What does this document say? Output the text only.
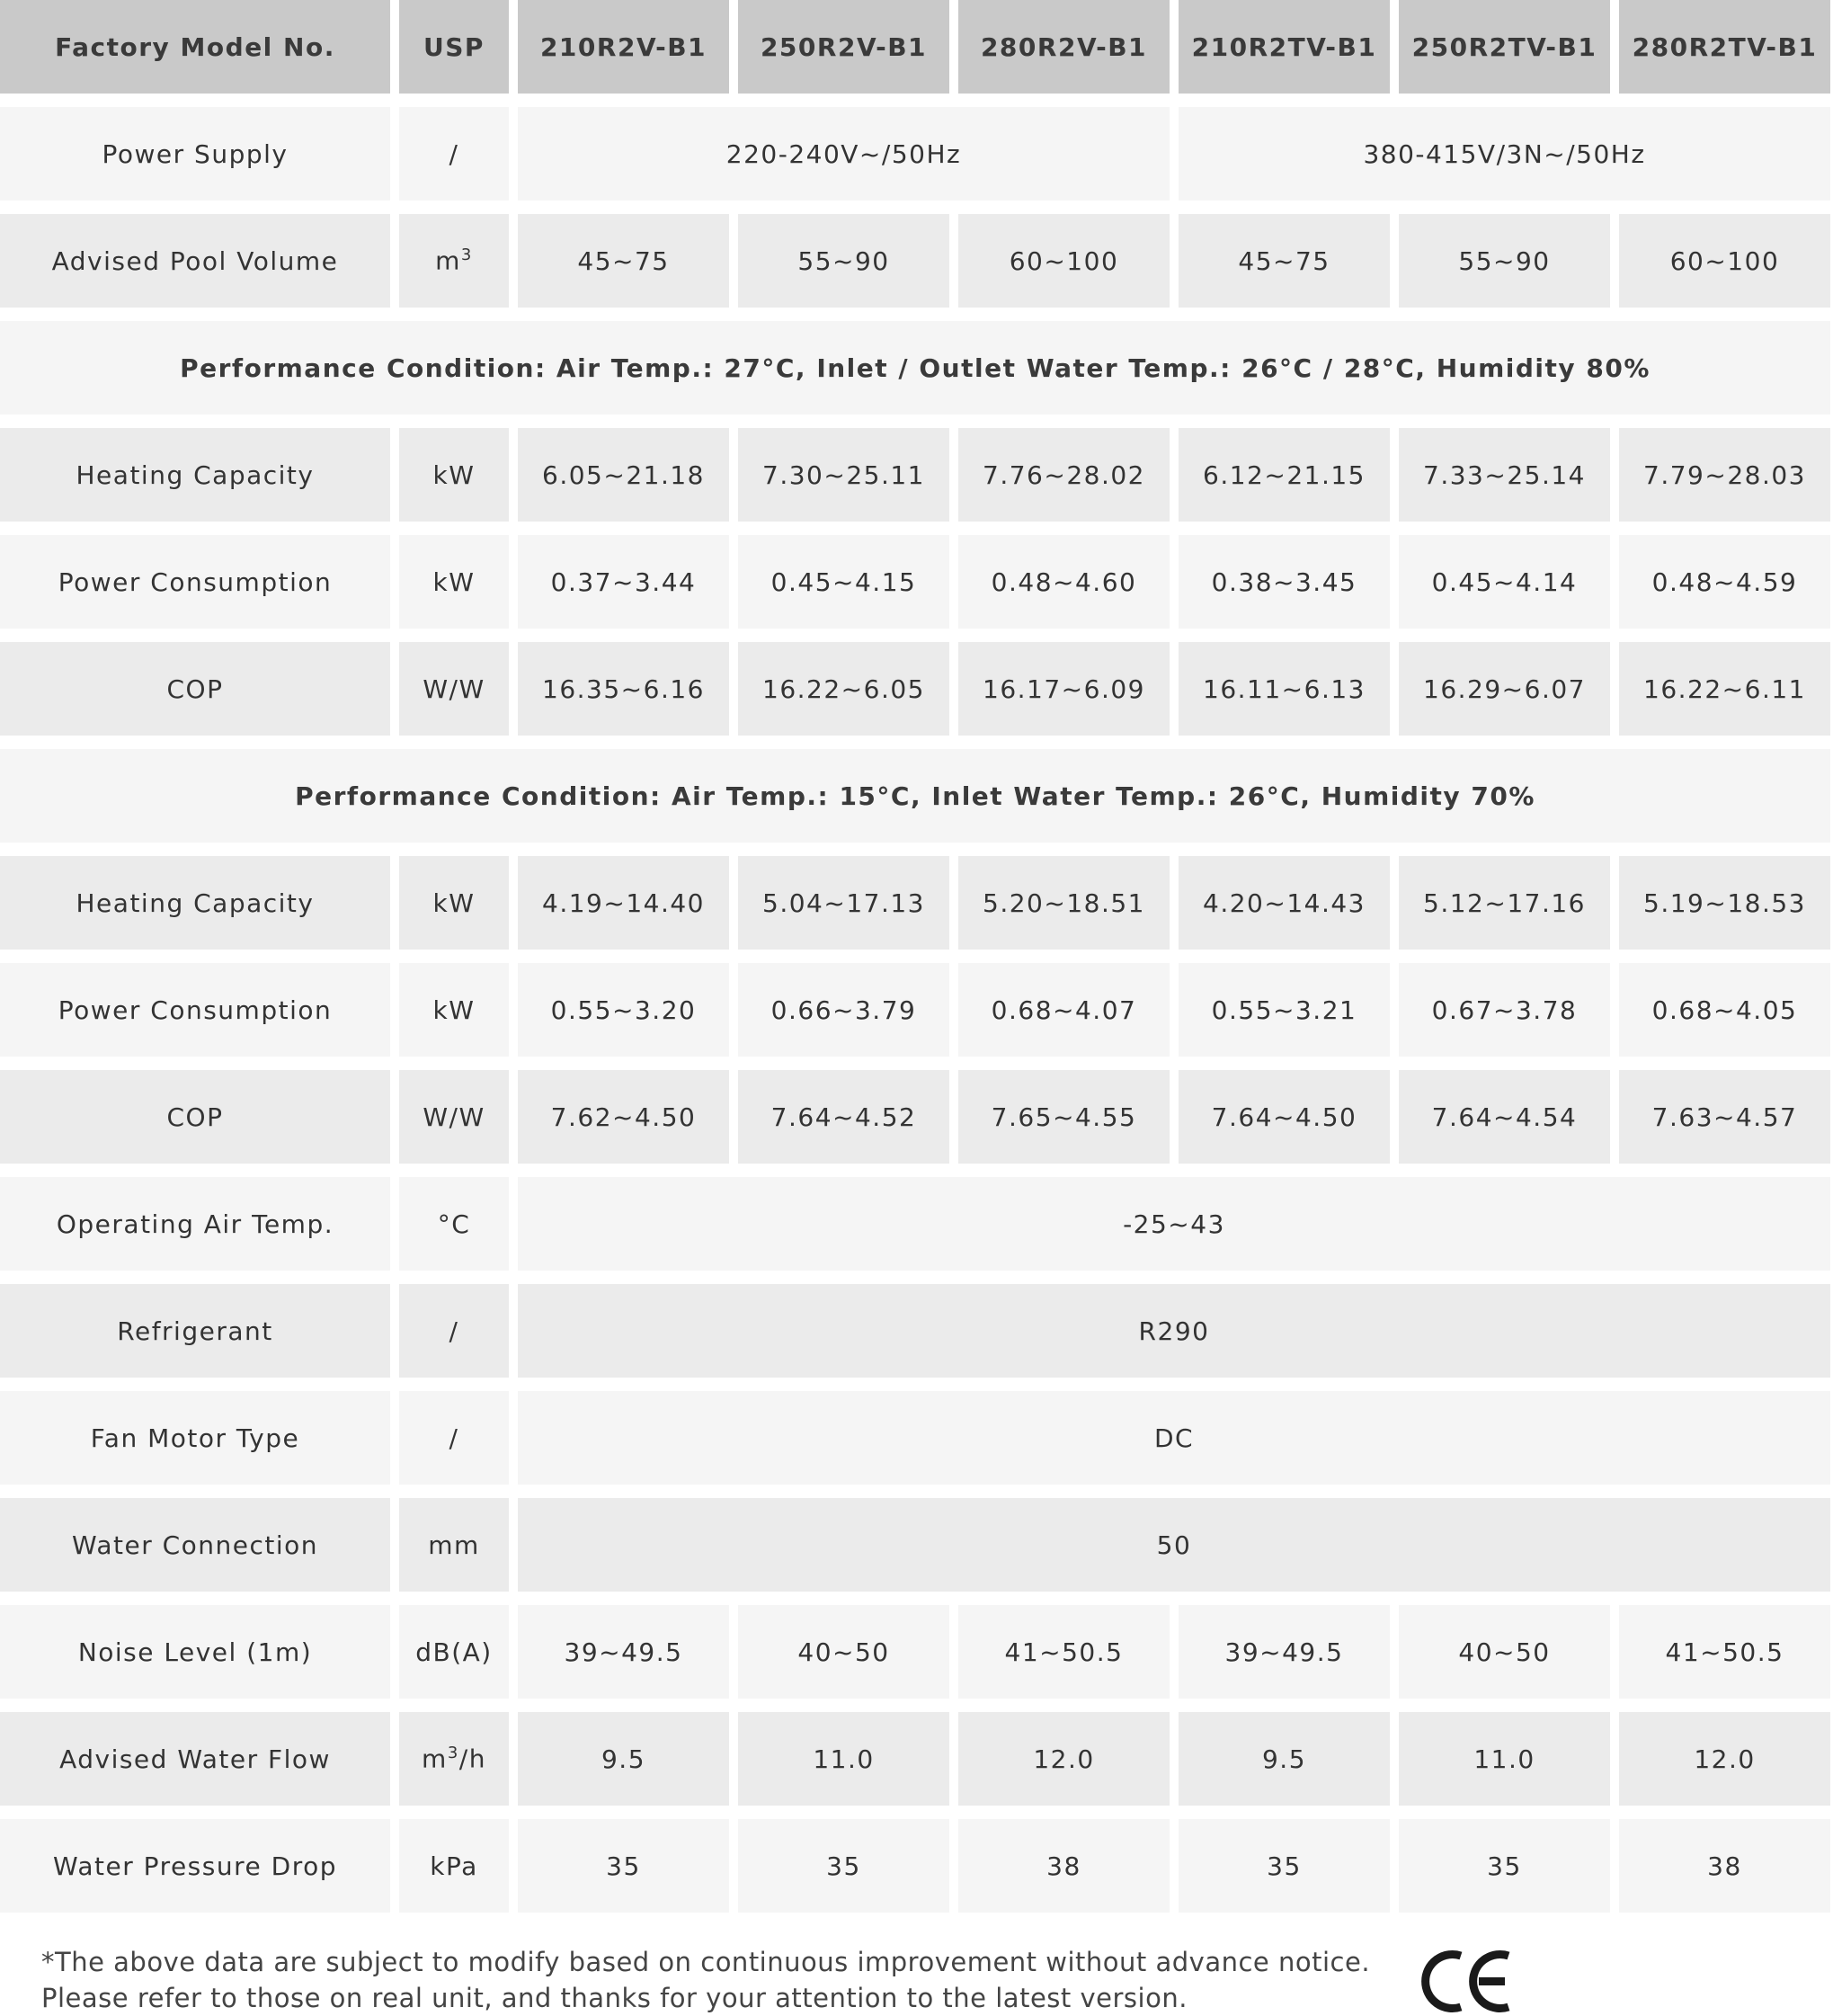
Factory Model No.	USP	210R2V-B1	250R2V-B1	280R2V-B1	210R2TV-B1	250R2TV-B1	280R2TV-B1
Power Supply	/	220-240V~/50Hz			380-415V/3N~/50Hz		
Advised Pool Volume	$m^3$	45~75	55~90	60~100	45~75	55~90	60~100
Performance Condition: Air Temp.: 27°C, Inlet / Outlet Water Temp.: 26°C / 28°C, Humidity 80%							
Heating Capacity	kW	6.05~21.18	7.30~25.11	7.76~28.02	6.12~21.15	7.33~25.14	7.79~28.03
Power Consumption	kW	0.37~3.44	0.45~4.15	0.48~4.60	0.38~3.45	0.45~4.14	0.48~4.59
COP	W/W	16.35~6.16	16.22~6.05	16.17~6.09	16.11~6.13	16.29~6.07	16.22~6.11
Performance Condition: Air Temp.: 15°C, Inlet Water Temp.: 26°C, Humidity 70%							
Heating Capacity	kW	4.19~14.40	5.04~17.13	5.20~18.51	4.20~14.43	5.12~17.16	5.19~18.53
Power Consumption	kW	0.55~3.20	0.66~3.79	0.68~4.07	0.55~3.21	0.67~3.78	0.68~4.05
COP	W/W	7.62~4.50	7.64~4.52	7.65~4.55	7.64~4.50	7.64~4.54	7.63~4.57
Operating Air Temp.	°C	-25~43					
Refrigerant	/	R290					
Fan Motor Type	/	DC					
Water Connection	mm	50					
Noise Level (1m)	dB(A)	39~49.5	40~50	41~50.5	39~49.5	40~50	41~50.5
Advised Water Flow	$m^3/h$	9.5	11.0	12.0	9.5	11.0	12.0
Water Pressure Drop	kPa	35	35	38	35	35	38
*The above data are subject to modify based on continuous improvement without advance notice.
Please refer to those on real unit, and thanks for your attention to the latest version.
